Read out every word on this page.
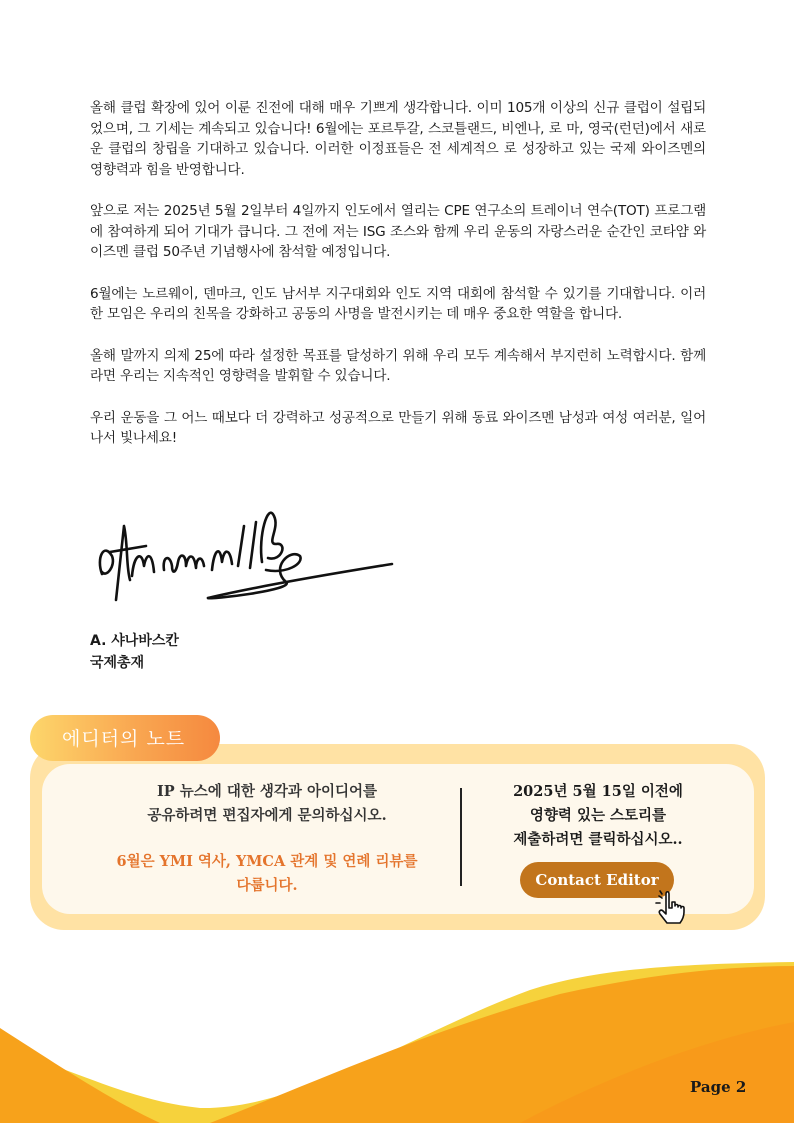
올해 클럽 확장에 있어 이룬 진전에 대해 매우 기쁘게 생각합니다. 이미 105개 이상의 신규 클럽이 설립되었으며, 그 기세는 계속되고 있습니다! 6월에는 포르투갈, 스코틀랜드, 비엔나, 로 마, 영국(런던)에서 새로운 클럽의 창립을 기대하고 있습니다. 이러한 이정표들은 전 세계적으 로 성장하고 있는 국제 와이즈멘의 영향력과 힘을 반영합니다.

앞으로 저는 2025년 5월 2일부터 4일까지 인도에서 열리는 CPE 연구소의 트레이너 연수(TOT) 프로그램에 참여하게 되어 기대가 큽니다. 그 전에 저는 ISG 조스와 함께 우리 운동의 자랑스러운 순간인 코타얌 와이즈멘 클럽 50주년 기념행사에 참석할 예정입니다.

6월에는 노르웨이, 덴마크, 인도 남서부 지구대회와 인도 지역 대회에 참석할 수 있기를 기대합니다. 이러한 모임은 우리의 친목을 강화하고 공동의 사명을 발전시키는 데 매우 중요한 역할을 합니다.

올해 말까지 의제 25에 따라 설정한 목표를 달성하기 위해 우리 모두 계속해서 부지런히 노력합시다. 함께라면 우리는 지속적인 영향력을 발휘할 수 있습니다.

우리 운동을 그 어느 때보다 더 강력하고 성공적으로 만들기 위해 동료 와이즈멘 남성과 여성 여러분, 일어나서 빛나세요!

A. 샤나바스칸
국제총재
에디터의 노트
IP 뉴스에 대한 생각과 아이디어를
공유하려면 편집자에게 문의하십시오.
6월은 YMI 역사, YMCA 관계 및 연례 리뷰를
다룹니다.
2025년 5월 15일 이전에
영향력 있는 스토리를
제출하려면 클릭하십시오..
Contact Editor
Page 2
